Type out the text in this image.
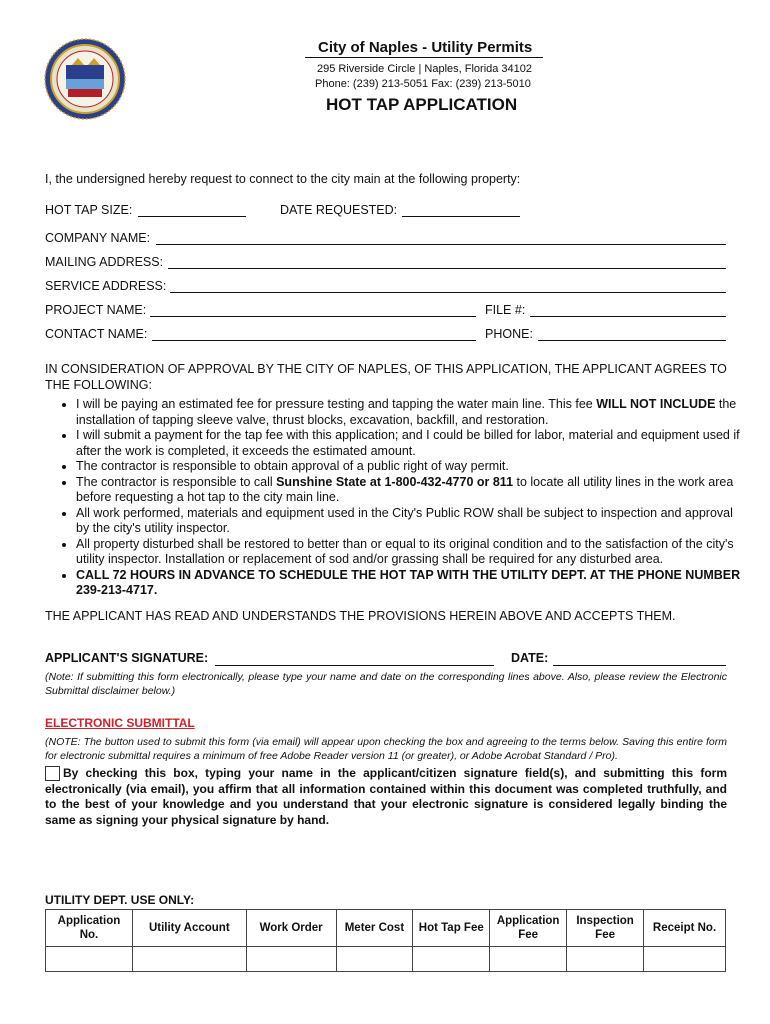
City of Naples - Utility Permits
295 Riverside Circle | Naples, Florida 34102
Phone: (239) 213-5051 Fax: (239) 213-5010
HOT TAP APPLICATION
I, the undersigned hereby request to connect to the city main at the following property:
HOT TAP SIZE:	DATE REQUESTED:
COMPANY NAME:
MAILING ADDRESS:
SERVICE ADDRESS:
PROJECT NAME:	FILE #:
CONTACT NAME:	PHONE:
IN CONSIDERATION OF APPROVAL BY THE CITY OF NAPLES, OF THIS APPLICATION, THE APPLICANT AGREES TO THE FOLLOWING:
• I will be paying an estimated fee for pressure testing and tapping the water main line. This fee WILL NOT INCLUDE the installation of tapping sleeve valve, thrust blocks, excavation, backfill, and restoration.
• I will submit a payment for the tap fee with this application; and I could be billed for labor, material and equipment used if after the work is completed, it exceeds the estimated amount.
• The contractor is responsible to obtain approval of a public right of way permit.
• The contractor is responsible to call Sunshine State at 1-800-432-4770 or 811 to locate all utility lines in the work area before requesting a hot tap to the city main line.
• All work performed, materials and equipment used in the City's Public ROW shall be subject to inspection and approval by the city's utility inspector.
• All property disturbed shall be restored to better than or equal to its original condition and to the satisfaction of the city's utility inspector. Installation or replacement of sod and/or grassing shall be required for any disturbed area.
• CALL 72 HOURS IN ADVANCE TO SCHEDULE THE HOT TAP WITH THE UTILITY DEPT. AT THE PHONE NUMBER 239-213-4717.
THE APPLICANT HAS READ AND UNDERSTANDS THE PROVISIONS HEREIN ABOVE AND ACCEPTS THEM.
APPLICANT'S SIGNATURE:	DATE:
(Note: If submitting this form electronically, please type your name and date on the corresponding lines above. Also, please review the Electronic Submittal disclaimer below.)
ELECTRONIC SUBMITTAL
(NOTE: The button used to submit this form (via email) will appear upon checking the box and agreeing to the terms below. Saving this entire form for electronic submittal requires a minimum of free Adobe Reader version 11 (or greater), or Adobe Acrobat Standard / Pro).
By checking this box, typing your name in the applicant/citizen signature field(s), and submitting this form electronically (via email), you affirm that all information contained within this document was completed truthfully, and to the best of your knowledge and you understand that your electronic signature is considered legally binding the same as signing your physical signature by hand.
UTILITY DEPT. USE ONLY:
Application No.	Utility Account	Work Order	Meter Cost	Hot Tap Fee	Application Fee	Inspection Fee	Receipt No.
